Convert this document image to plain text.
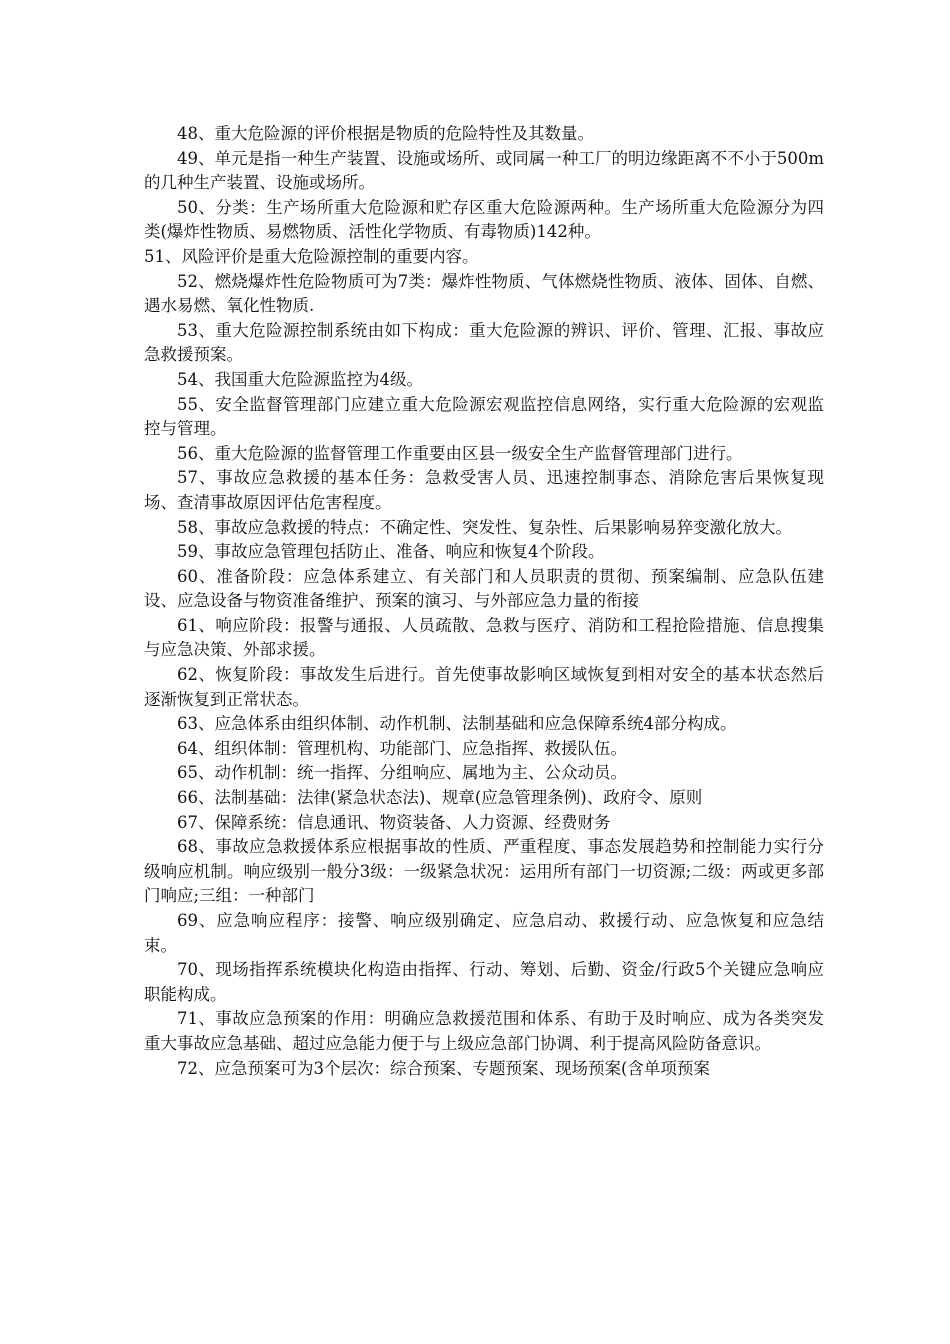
48、重大危险源的评价根据是物质的危险特性及其数量。

49、单元是指一种生产装置、设施或场所、或同属一种工厂的明边缘距离不不小于500m的几种生产装置、设施或场所。

50、分类：生产场所重大危险源和贮存区重大危险源两种。生产场所重大危险源分为四类(爆炸性物质、易燃物质、活性化学物质、有毒物质)142种。

51、风险评价是重大危险源控制的重要内容。

52、燃烧爆炸性危险物质可为7类：爆炸性物质、气体燃烧性物质、液体、固体、自燃、遇水易燃、氧化性物质.

53、重大危险源控制系统由如下构成：重大危险源的辨识、评价、管理、汇报、事故应急救援预案。

54、我国重大危险源监控为4级。

55、安全监督管理部门应建立重大危险源宏观监控信息网络，实行重大危险源的宏观监控与管理。

56、重大危险源的监督管理工作重要由区县一级安全生产监督管理部门进行。

57、事故应急救援的基本任务：急救受害人员、迅速控制事态、消除危害后果恢复现场、查清事故原因评估危害程度。

58、事故应急救援的特点：不确定性、突发性、复杂性、后果影响易猝变激化放大。

59、事故应急管理包括防止、准备、响应和恢复4个阶段。

60、准备阶段：应急体系建立、有关部门和人员职责的贯彻、预案编制、应急队伍建设、应急设备与物资准备维护、预案的演习、与外部应急力量的衔接

61、响应阶段：报警与通报、人员疏散、急救与医疗、消防和工程抢险措施、信息搜集与应急决策、外部求援。

62、恢复阶段：事故发生后进行。首先使事故影响区域恢复到相对安全的基本状态然后逐渐恢复到正常状态。

63、应急体系由组织体制、动作机制、法制基础和应急保障系统4部分构成。

64、组织体制：管理机构、功能部门、应急指挥、救援队伍。

65、动作机制：统一指挥、分组响应、属地为主、公众动员。

66、法制基础：法律(紧急状态法)、规章(应急管理条例)、政府令、原则

67、保障系统：信息通讯、物资装备、人力资源、经费财务

68、事故应急救援体系应根据事故的性质、严重程度、事态发展趋势和控制能力实行分级响应机制。响应级别一般分3级：一级紧急状况：运用所有部门一切资源;二级：两或更多部门响应;三组：一种部门

69、应急响应程序：接警、响应级别确定、应急启动、救援行动、应急恢复和应急结束。

70、现场指挥系统模块化构造由指挥、行动、筹划、后勤、资金/行政5个关键应急响应职能构成。

71、事故应急预案的作用：明确应急救援范围和体系、有助于及时响应、成为各类突发重大事故应急基础、超过应急能力便于与上级应急部门协调、利于提高风险防备意识。

72、应急预案可为3个层次：综合预案、专题预案、现场预案(含单项预案
